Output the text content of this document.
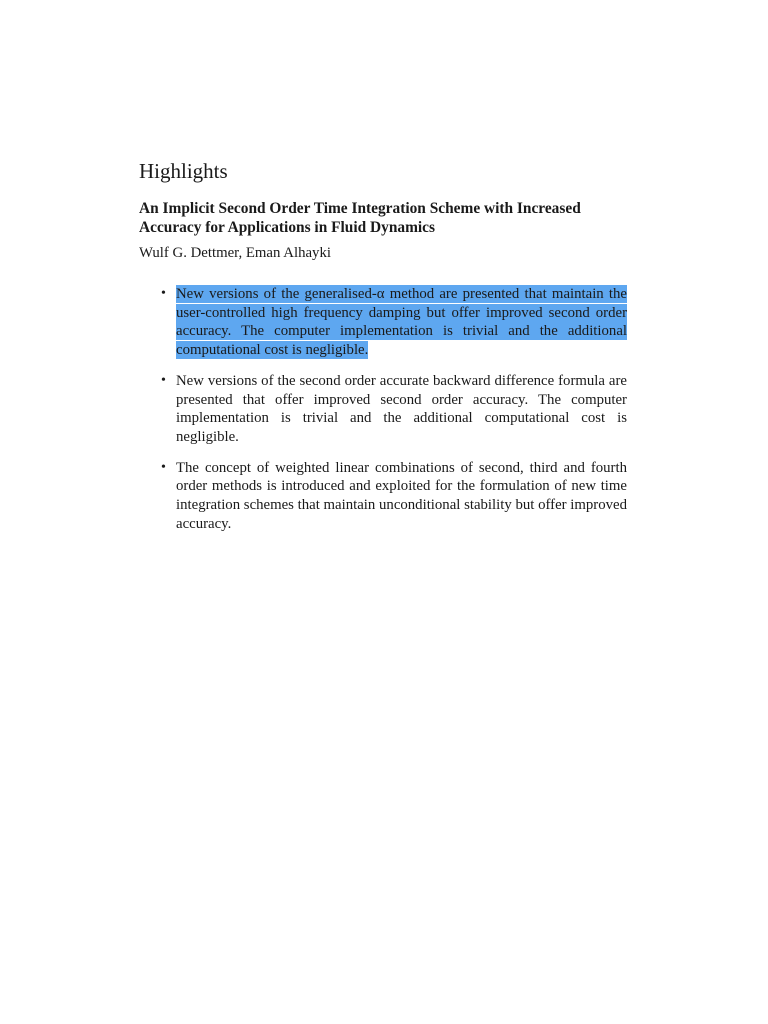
Highlights
An Implicit Second Order Time Integration Scheme with Increased Accuracy for Applications in Fluid Dynamics
Wulf G. Dettmer, Eman Alhayki
• New versions of the generalised-α method are presented that maintain the user-controlled high frequency damping but offer improved second order accuracy. The computer implementation is trivial and the additional computational cost is negligible.
• New versions of the second order accurate backward difference formula are presented that offer improved second order accuracy. The computer implementation is trivial and the additional computational cost is negligible.
• The concept of weighted linear combinations of second, third and fourth order methods is introduced and exploited for the formulation of new time integration schemes that maintain unconditional stability but offer improved accuracy.
